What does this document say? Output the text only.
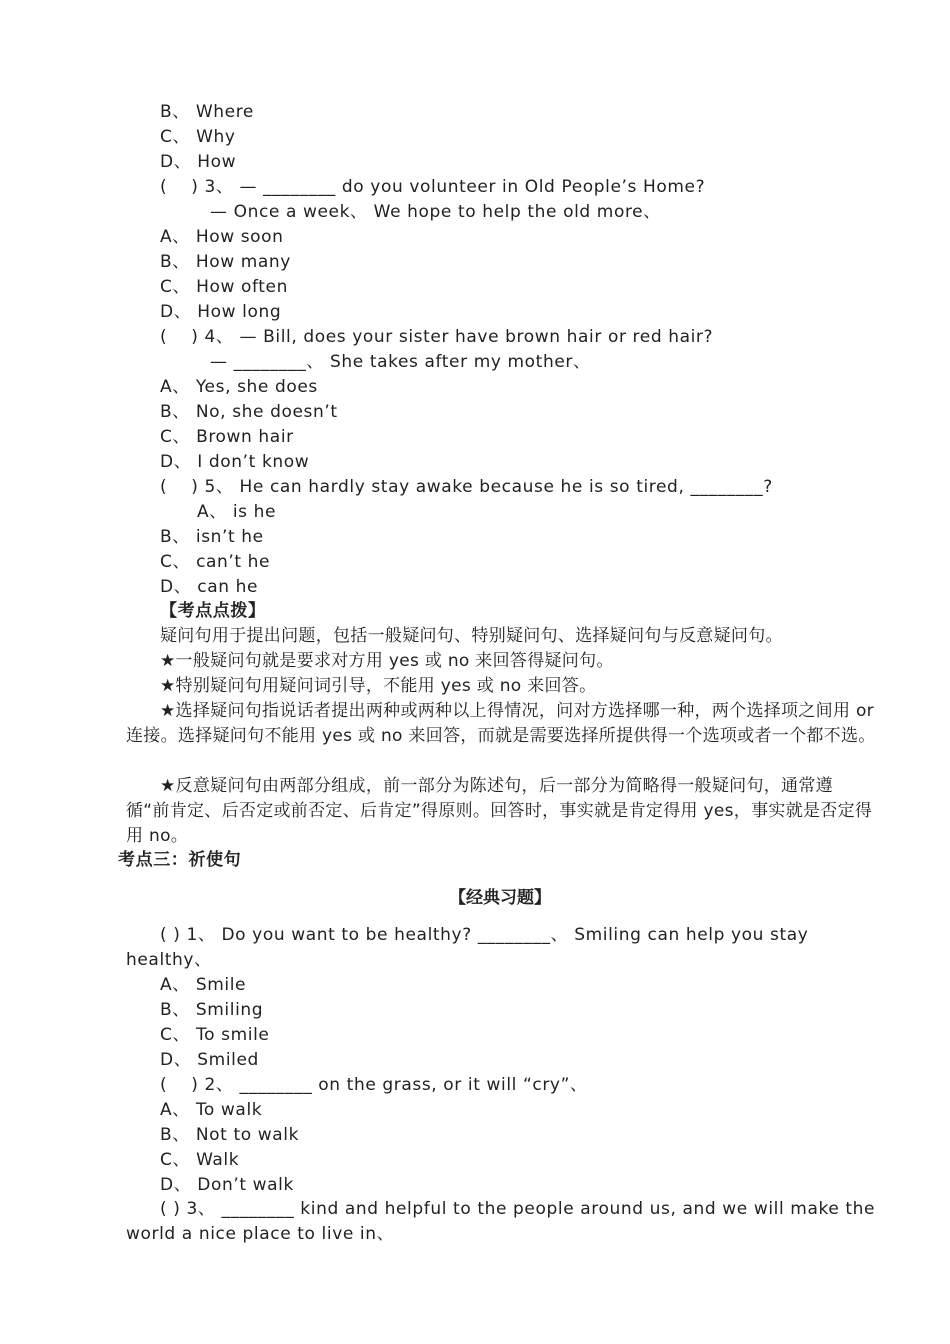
B、 Where
C、 Why
D、 How
(    ) 3、 — ________ do you volunteer in Old People’s Home?
— Once a week、 We hope to help the old more、
A、 How soon
B、 How many
C、 How often
D、 How long
(    ) 4、 — Bill, does your sister have brown hair or red hair?
— ________、 She takes after my mother、
A、 Yes, she does
B、 No, she doesn’t
C、 Brown hair
D、 I don’t know
(    ) 5、 He can hardly stay awake because he is so tired, ________?
A、 is he
B、 isn’t he
C、 can’t he
D、 can he
【考点点拨】
疑问句用于提出问题，包括一般疑问句、特别疑问句、选择疑问句与反意疑问句。
★一般疑问句就是要求对方用 yes 或 no 来回答得疑问句。
★特别疑问句用疑问词引导，不能用 yes 或 no 来回答。
★选择疑问句指说话者提出两种或两种以上得情况，问对方选择哪一种，两个选择项之间用 or 连接。选择疑问句不能用 yes 或 no 来回答，而就是需要选择所提供得一个选项或者一个都不选。
★反意疑问句由两部分组成，前一部分为陈述句，后一部分为简略得一般疑问句，通常遵循“前肯定、后否定或前否定、后肯定”得原则。回答时，事实就是肯定得用 yes，事实就是否定得用 no。
考点三：祈使句
【经典习题】
( ) 1、 Do you want to be healthy? ________、 Smiling can help you stay healthy、
A、 Smile
B、 Smiling
C、 To smile
D、 Smiled
(    ) 2、 ________ on the grass, or it will “cry”、
A、 To walk
B、 Not to walk
C、 Walk
D、 Don’t walk
( ) 3、 ________ kind and helpful to the people around us, and we will make the world a nice place to live in、
